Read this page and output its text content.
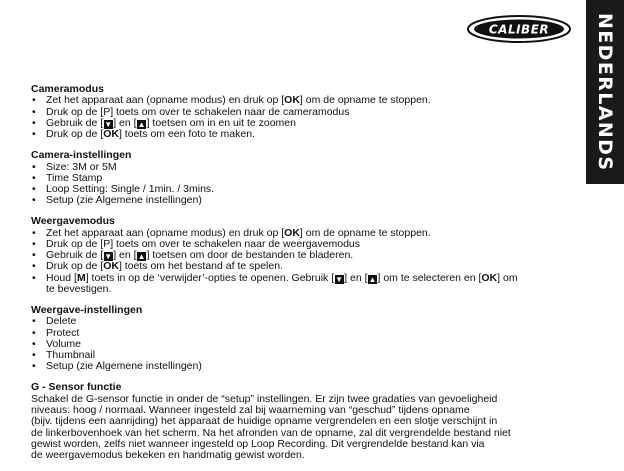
CALIBER NEDERLANDS
Cameramodus
• Zet het apparaat aan (opname modus) en druk op [OK] om de opname te stoppen.
• Druk op de [P] toets om over te schakelen naar de cameramodus
• Gebruik de [▼] en [▲] toetsen om in en uit te zoomen
• Druk op de [OK] toets om een foto te maken.
Camera-instellingen
• Size: 3M or 5M
• Time Stamp
• Loop Setting: Single / 1min. / 3mins.
• Setup (zie Algemene instellingen)
Weergavemodus
• Zet het apparaat aan (opname modus) en druk op [OK] om de opname te stoppen.
• Druk op de [P] toets om over te schakelen naar de weergavemodus
• Gebruik de [▼] en [▲] toetsen om door de bestanden te bladeren.
• Druk op de [OK] toets om het bestand af te spelen.
• Houd [M] toets in op de ‘verwijder’-opties te openen. Gebruik [▼] en [▲] om te selecteren en [OK] om
te bevestigen.
Weergave-instellingen
• Delete
• Protect
• Volume
• Thumbnail
• Setup (zie Algemene instellingen)
G - Sensor functie

Schakel de G-sensor functie in onder de “setup” instellingen. Er zijn twee gradaties van gevoeligheid

niveaus: hoog / normaal. Wanneer ingesteld zal bij waarneming van “geschud” tijdens opname

(bijv. tijdens een aanrijding) het apparaat de huidige opname vergrendelen en een slotje verschijnt in

de linkerbovenhoek van het scherm. Na het afronden van de opname, zal dit vergrendelde bestand niet

gewist worden, zelfs niet wanneer ingesteld op Loop Recording. Dit vergrendelde bestand kan via

de weergavemodus bekeken en handmatig gewist worden.
